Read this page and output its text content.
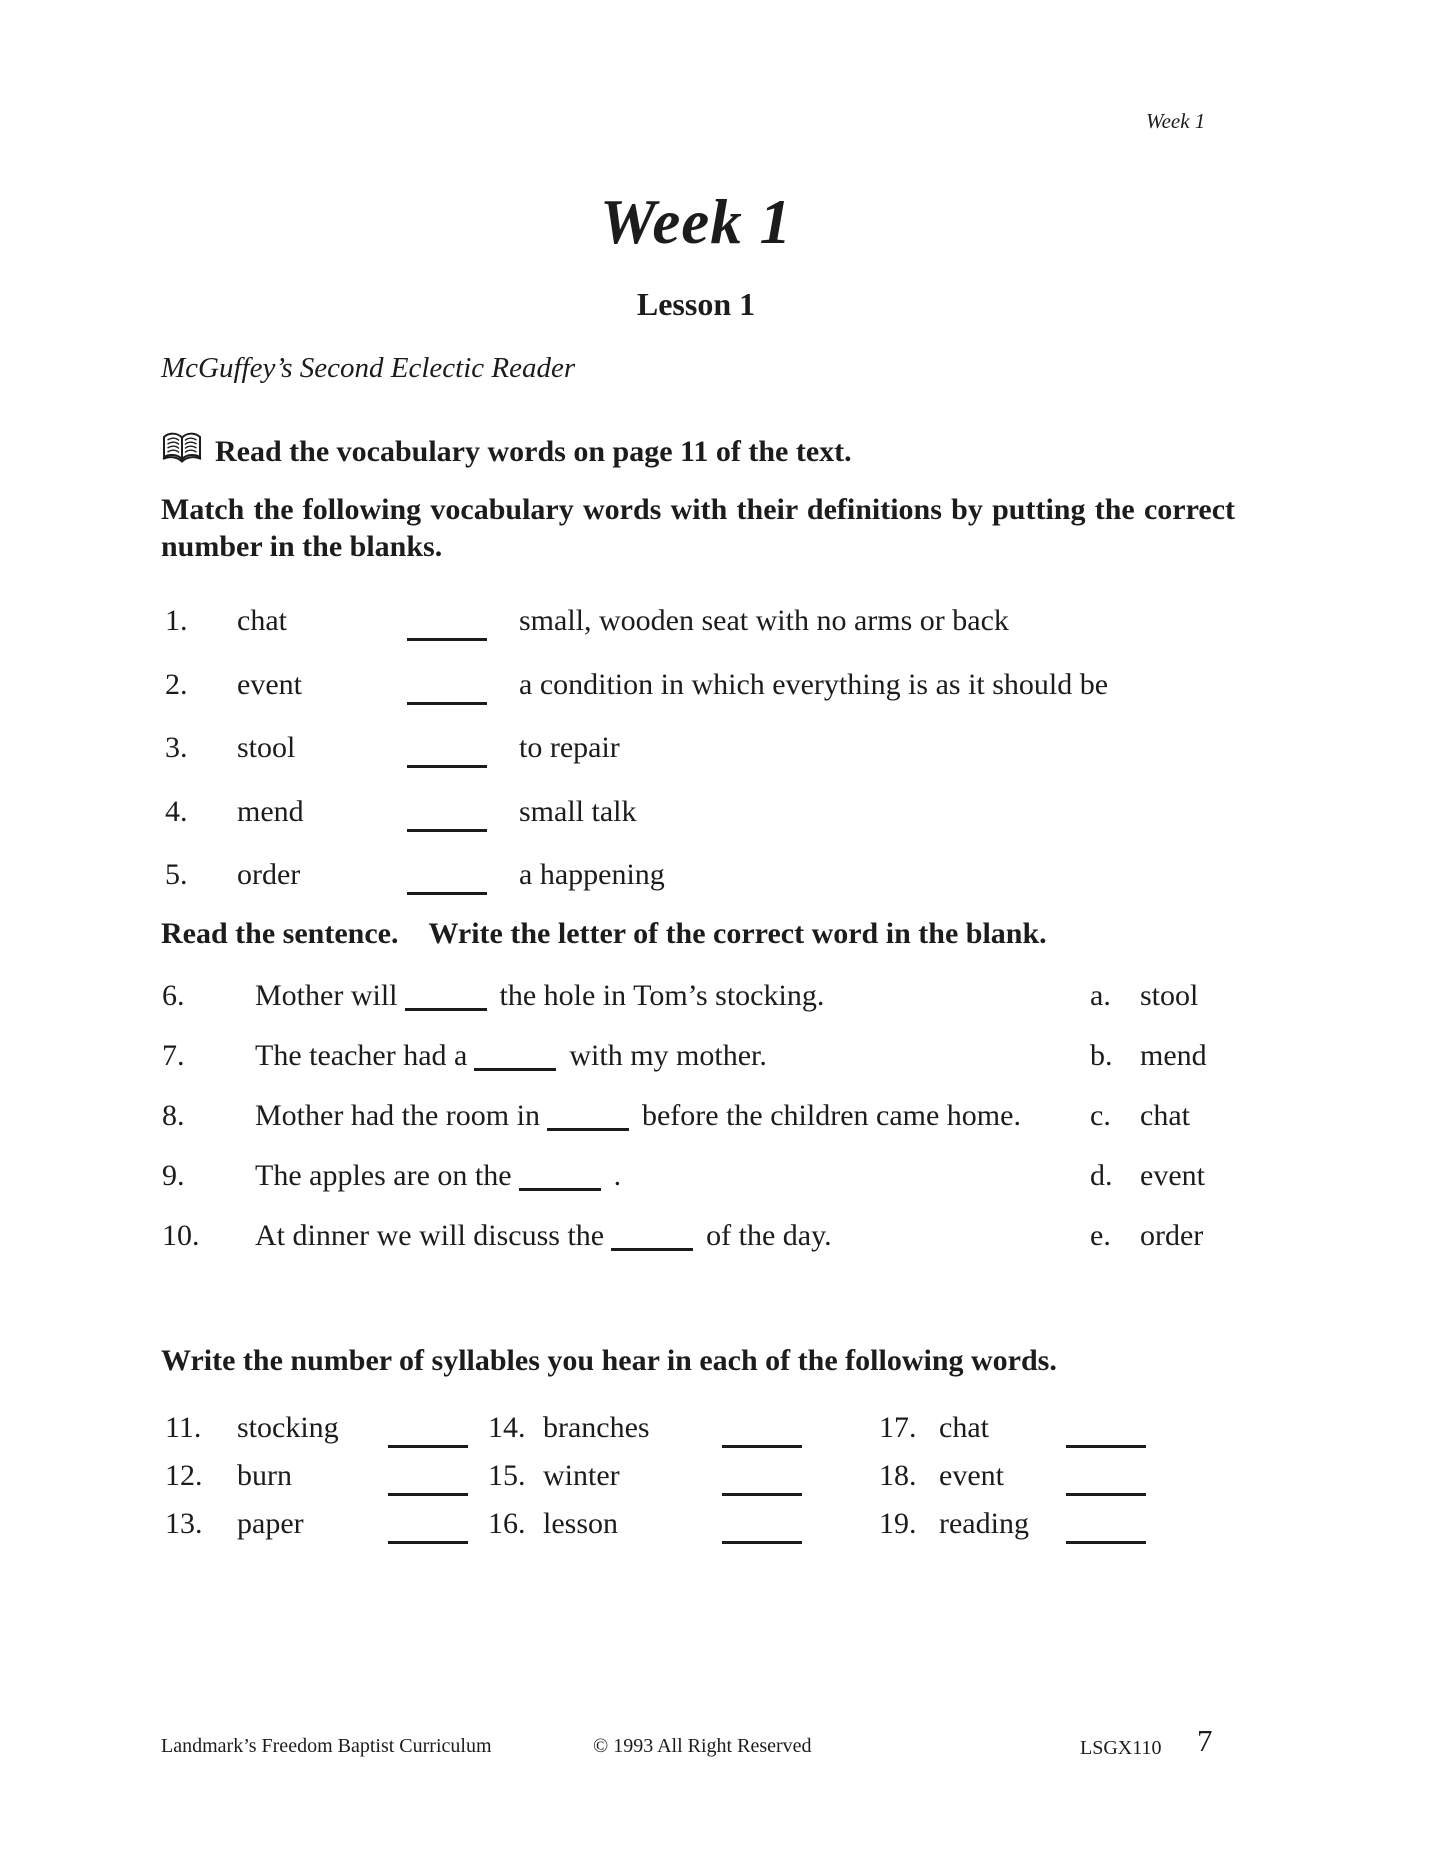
Week 1
Week 1
Lesson 1
McGuffey’s Second Eclectic Reader
Read the vocabulary words on page 11 of the text.
Match the following vocabulary words with their definitions by putting the correct number in the blanks.
1. chat	small, wooden seat with no arms or back
2. event	a condition in which everything is as it should be
3. stool	to repair
4. mend	small talk
5. order	a happening
Read the sentence. Write the letter of the correct word in the blank.
6. Mother will	the hole in Tom’s stocking.	a. stool
7. The teacher had a	with my mother.	b. mend
8. Mother had the room in	before the children came home. c. chat
9. The apples are on the	.	d. event
10. At dinner we will discuss the	of the day.	e. order
Write the number of syllables you hear in each of the following words.
11. stocking	14. branches	17. chat
12. burn	15. winter	18. event
13. paper	16. lesson	19. reading
Landmark’s Freedom Baptist Curriculum	© 1993 All Right Reserved	LSGX110 7
